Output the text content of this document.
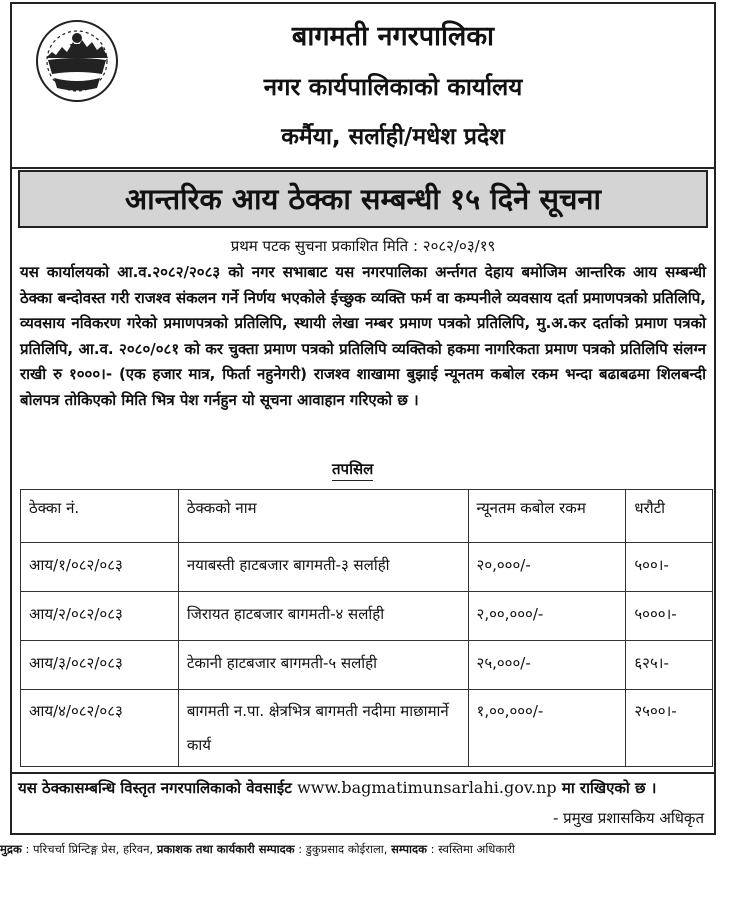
बागमती नगरपालिका
नगर कार्यपालिकाको कार्यालय
कर्मैया, सर्लाही/मधेश प्रदेश
आन्तरिक आय ठेक्का सम्बन्धी १५ दिने सूचना
प्रथम पटक सुचना प्रकाशित मिति : २०८२/०३/१९
यस कार्यालयको आ.व.२०८२/२०८३ को नगर सभाबाट यस नगरपालिका अर्न्तगत देहाय बमोजिम आन्तरिक आय सम्बन्धी ठेक्का बन्दोवस्त गरी राजश्व संकलन गर्ने निर्णय भएकोले ईच्छुक व्यक्ति फर्म वा कम्पनीले व्यवसाय दर्ता प्रमाणपत्रको प्रतिलिपि, व्यवसाय नविकरण गरेको प्रमाणपत्रको प्रतिलिपि, स्थायी लेखा नम्बर प्रमाण पत्रको प्रतिलिपि, मु.अ.कर दर्ताको प्रमाण पत्रको प्रतिलिपि, आ.व. २०८०/०८१ को कर चुक्ता प्रमाण पत्रको प्रतिलिपि व्यक्तिको हकमा नागरिकता प्रमाण पत्रको प्रतिलिपि संलग्न राखी रु १०००।- (एक हजार मात्र, फिर्ता नहुनेगरी) राजश्व शाखामा बुझाई न्यूनतम कबोल रकम भन्दा बढाबढमा शिलबन्दी बोलपत्र तोकिएको मिति भित्र पेश गर्नहुन यो सूचना आवाहान गरिएको छ ।
तपसिल
ठेक्का नं.	ठेक्कको नाम	न्यूनतम कबोल रकम	धरौटी
आय/१/०८२/०८३	नयाबस्ती हाटबजार बागमती-३ सर्लाही	२०,०००/-	५००।-
आय/२/०८२/०८३	जिरायत हाटबजार बागमती-४ सर्लाही	२,००,०००/-	५०००।-
आय/३/०८२/०८३	टेकानी हाटबजार बागमती-५ सर्लाही	२५,०००/-	६२५।-
आय/४/०८२/०८३	बागमती न.पा. क्षेत्रभित्र बागमती नदीमा माछामार्ने कार्य	१,००,०००/-	२५००।-
यस ठेक्कासम्बन्धि विस्तृत नगरपालिकाको वेवसाईट www.bagmatimunsarlahi.gov.np मा राखिएको छ ।
- प्रमुख प्रशासकिय अधिकृत
मुद्रक : परिचर्चा प्रिन्टिङ्ग प्रेस, हरिवन, प्रकाशक तथा कार्यकारी सम्पादक : डुकुप्रसाद कोईराला, सम्पादक : स्वस्तिमा अधिकारी
